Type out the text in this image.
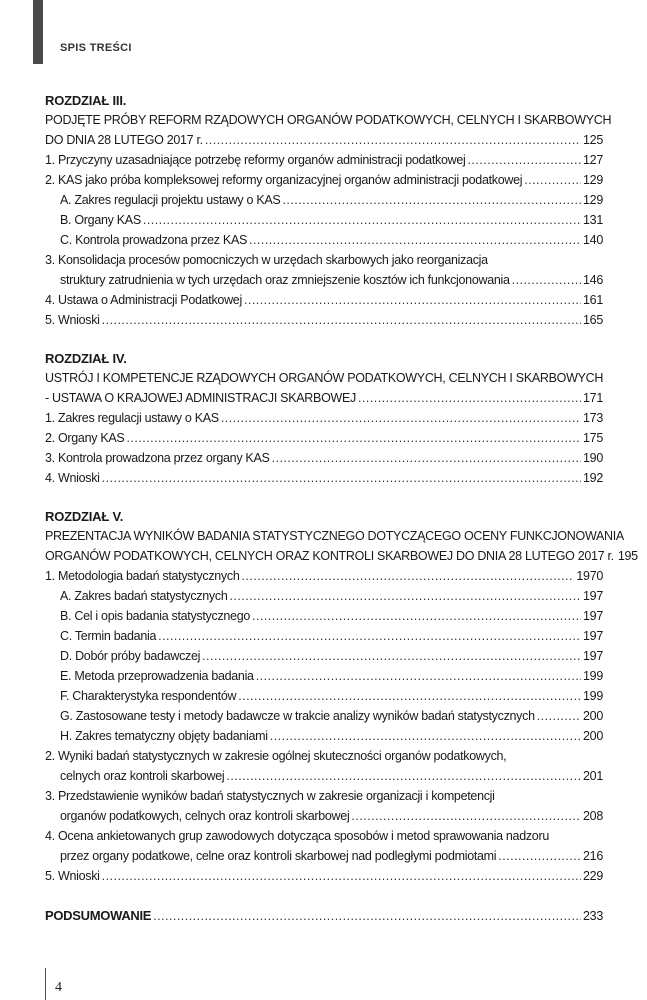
SPIS TREŚCI
ROZDZIAŁ III.
PODJĘTE PRÓBY REFORM RZĄDOWYCH ORGANÓW PODATKOWYCH, CELNYCH I SKARBOWYCH
DO DNIA 28 LUTEGO 2017 r. . . .	125
1. Przyczyny uzasadniające potrzebę reformy organów administracji podatkowej . . .	127
2. KAS jako próba kompleksowej reformy organizacyjnej organów administracji podatkowej . . .	129
A. Zakres regulacji projektu ustawy o KAS . . .	129
B. Organy KAS . . .	131
C. Kontrola prowadzona przez KAS . . .	140
3. Konsolidacja procesów pomocniczych w urzędach skarbowych jako reorganizacja
struktury zatrudnienia w tych urzędach oraz zmniejszenie kosztów ich funkcjonowania . . .	146
4. Ustawa o Administracji Podatkowej . . .	161
5. Wnioski . . .	165
ROZDZIAŁ IV.
USTRÓJ I KOMPETENCJE RZĄDOWYCH ORGANÓW PODATKOWYCH, CELNYCH I SKARBOWYCH
- USTAWA O KRAJOWEJ ADMINISTRACJI SKARBOWEJ . . .	171
1. Zakres regulacji ustawy o KAS . . .	173
2. Organy KAS . . .	175
3. Kontrola prowadzona przez organy KAS . . .	190
4. Wnioski . . .	192
ROZDZIAŁ V.
PREZENTACJA WYNIKÓW BADANIA STATYSTYCZNEGO DOTYCZĄCEGO OCENY FUNKCJONOWANIA
ORGANÓW PODATKOWYCH, CELNYCH ORAZ KONTROLI SKARBOWEJ DO DNIA 28 LUTEGO 2017 r. 195
1. Metodologia badań statystycznych . . .	1970
A. Zakres badań statystycznych . . .	197
B. Cel i opis badania statystycznego . . .	197
C. Termin badania . . .	197
D. Dobór próby badawczej . . .	197
E. Metoda przeprowadzenia badania . . .	199
F. Charakterystyka respondentów . . .	199
G. Zastosowane testy i metody badawcze w trakcie analizy wyników badań statystycznych . . .	200
H. Zakres tematyczny objęty badaniami . . .	200
2. Wyniki badań statystycznych w zakresie ogólnej skuteczności organów podatkowych,
celnych oraz kontroli skarbowej . . .	201
3. Przedstawienie wyników badań statystycznych w zakresie organizacji i kompetencji
organów podatkowych, celnych oraz kontroli skarbowej . . .	208
4. Ocena ankietowanych grup zawodowych dotycząca sposobów i metod sprawowania nadzoru
przez organy podatkowe, celne oraz kontroli skarbowej nad podległymi podmiotami . . .	216
5. Wnioski . . .	229
PODSUMOWANIE . . .	233
4
